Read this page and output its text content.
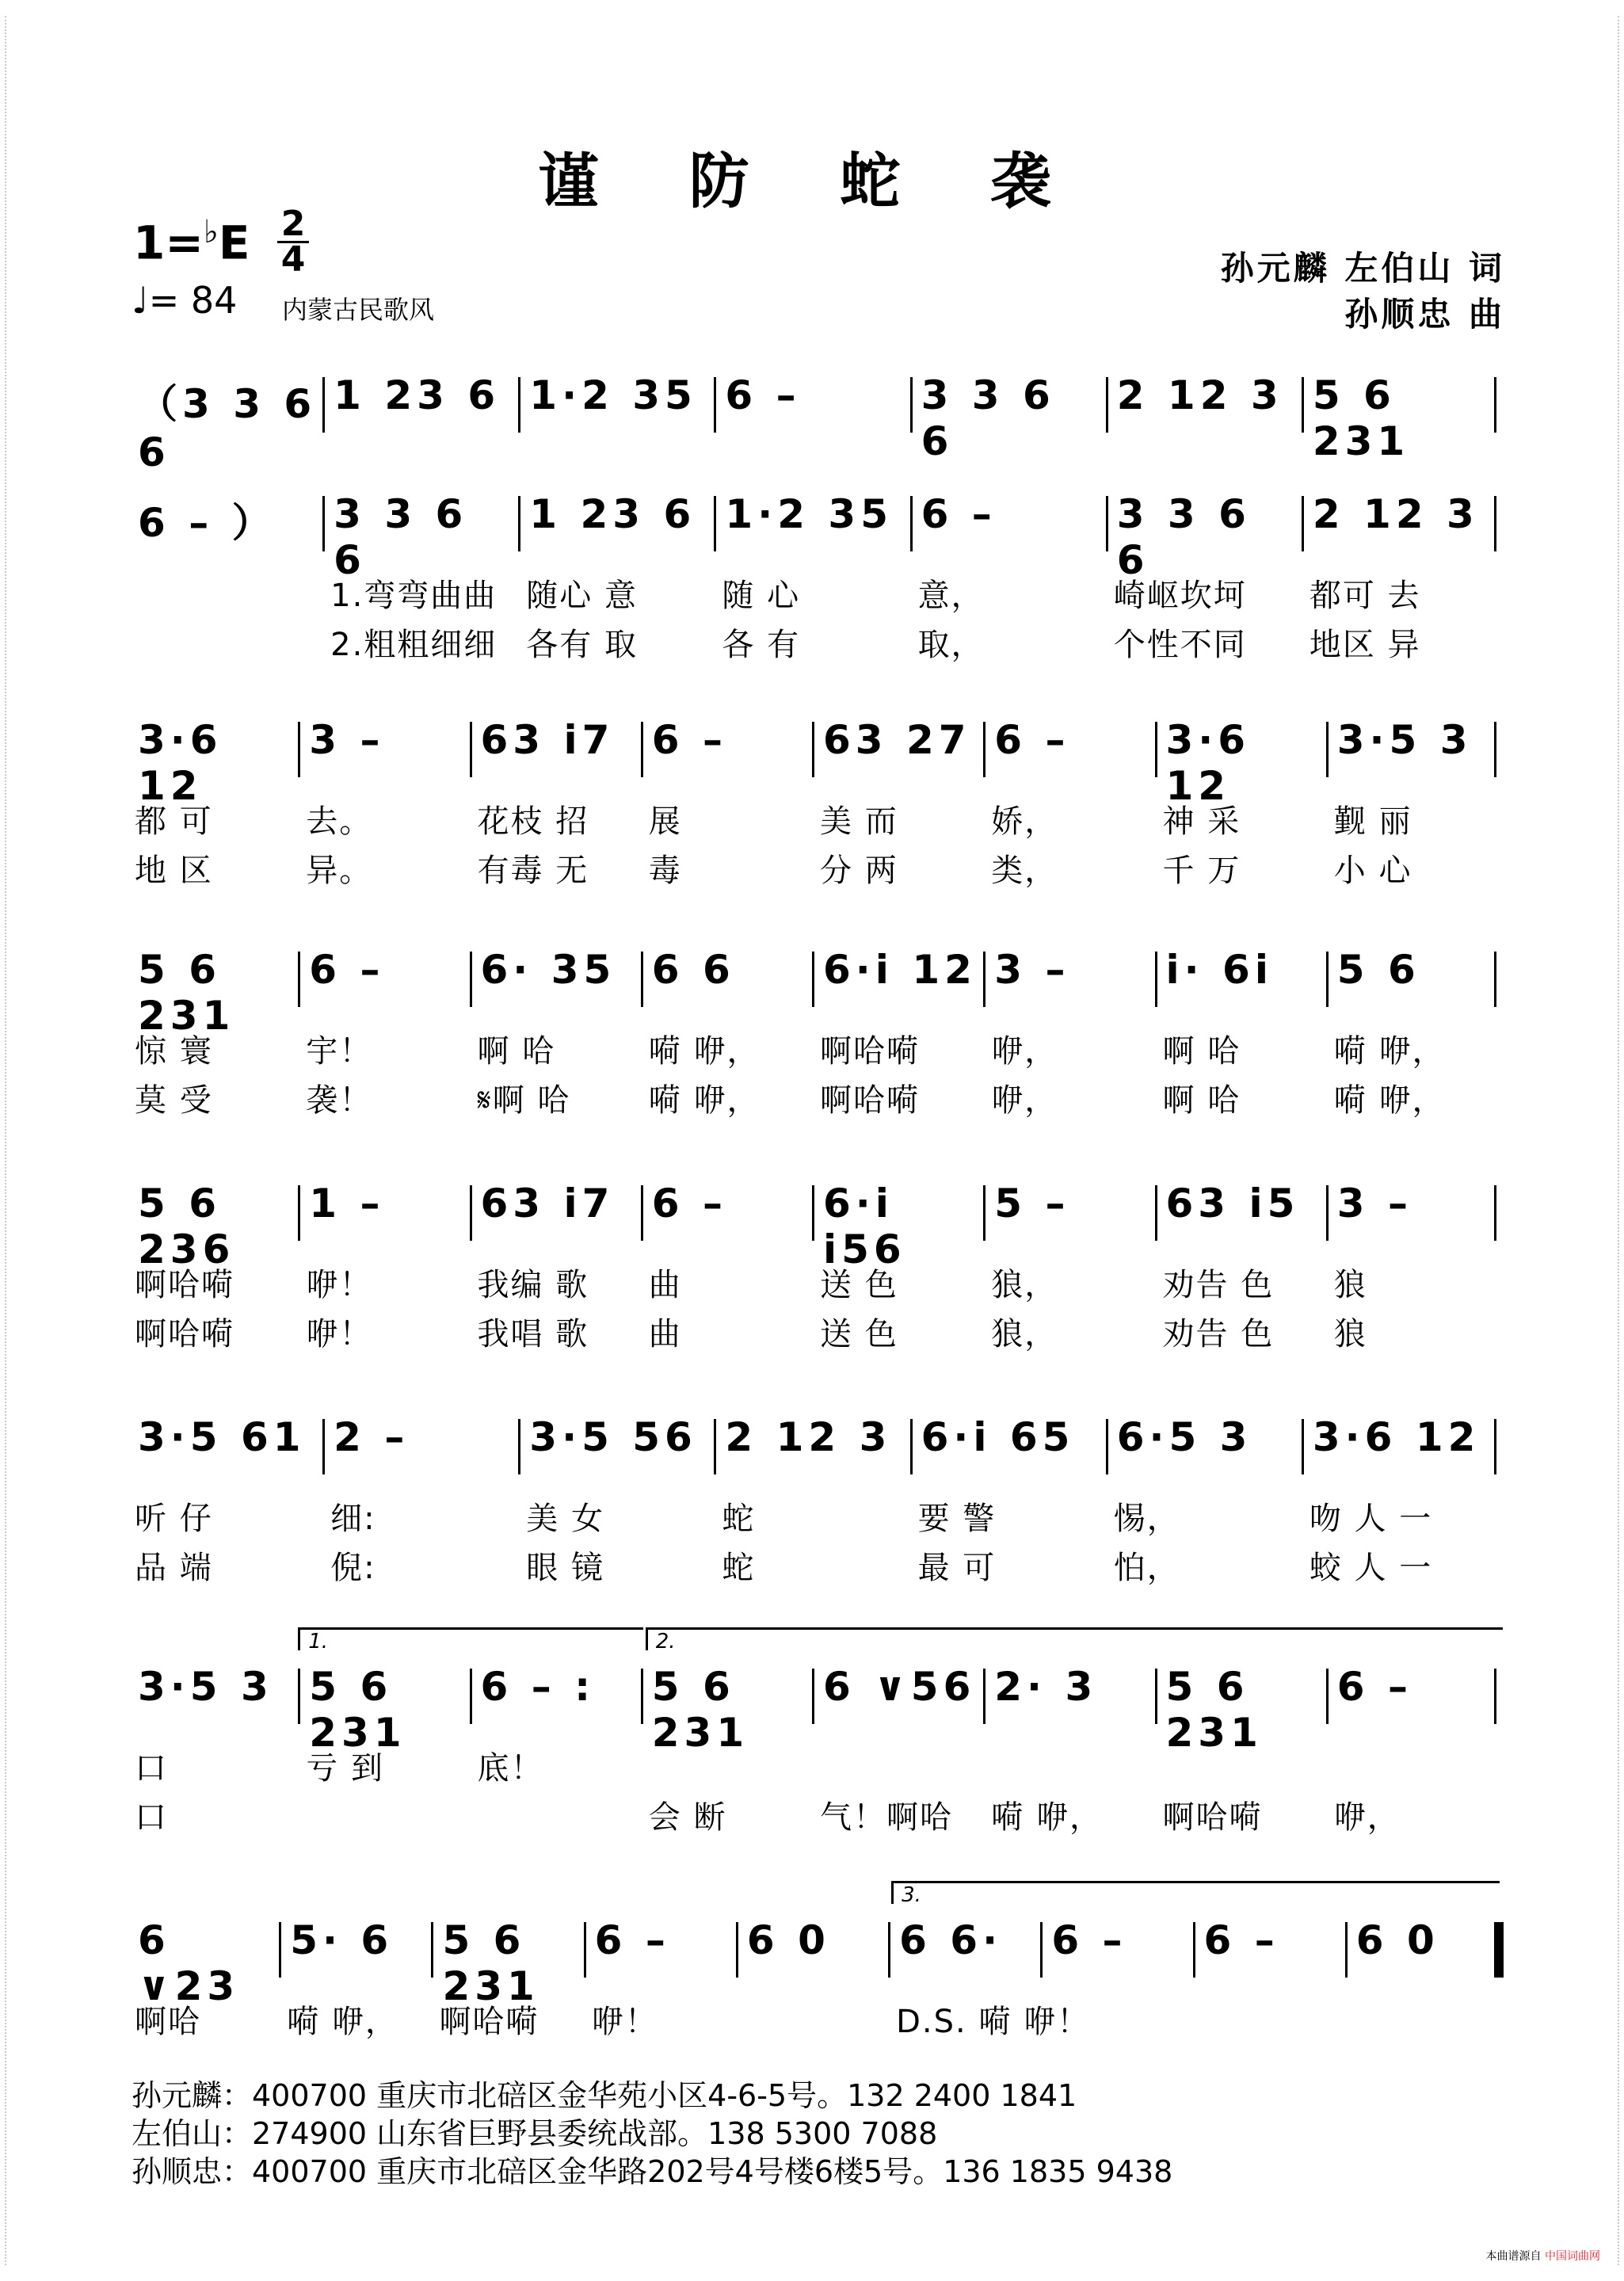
谨 防 蛇 袭
1=♭E 2
4
♩= 84 内蒙古民歌风
孙元麟 左伯山 词
孙顺忠 曲
（3 3 6 6
1 23 6 1·2 35 6 –	3 3 6 6
2 12 3 5 6 231
6 – ）	3 3 6 6
1 23 6 1·2 35 6 –	3 3 6 6
2 12 3
1.弯弯曲曲 随心 意	随 心	意，	崎岖坎坷 都可 去
2.粗粗细细 各有 取	各 有	取，	个性不同 地区 异
3·6 12
3 –	63 i7 6 –	63 27 6 –	3·6 12
3·5 3
都 可	去。	花枝 招 展	美 而	娇，	神 采	觐 丽
地 区	异。	有毒 无 毒	分 两	类，	千 万	小 心
5 6 231
6 –	6· 35 6 6	6·i 12 3 –	i· 6i	5 6
惊 寰	宇！	啊 哈	嗬 咿， 啊哈嗬 咿，	啊 哈	嗬 咿，
莫 受	袭！	𝄋啊 哈 嗬 咿， 啊哈嗬 咿，	啊 哈	嗬 咿，
5 6 236
1 –	63 i7 6 –	6·i i56
5 –	63 i5 3 –
啊哈嗬 咿！	我编 歌 曲	送 色	狼，	劝告 色 狼
啊哈嗬 咿！	我唱 歌 曲	送 色	狼，	劝告 色 狼
3·5 61 2 –	3·5 56 2 12 3 6·i 65	6·5 3	3·6 12
听 仔	细:	美 女	蛇	要 警	惕，	吻 人 一
品 端	倪:	眼 镜	蛇	最 可	怕，	蛟 人 一
3·5 3 5 6 231
6 – :	5 6 231
6 ∨56 2· 3	5 6 231
6 –
口	亏 到	底！
口	会 断	气！啊哈 嗬 咿， 啊哈嗬 咿，
1.	2.
6 ∨23
5· 6	5 6 231
6 –	6 0	6 6·	6 –	6 –	6 0
啊哈	嗬 咿， 啊哈嗬 咿！	D.S. 嗬 咿！
3.
孙元麟：400700 重庆市北碚区金华苑小区4-6-5号。132 2400 1841
左伯山：274900 山东省巨野县委统战部。138 5300 7088
孙顺忠：400700 重庆市北碚区金华路202号4号楼6楼5号。136 1835 9438
本曲谱源自 中国词曲网
